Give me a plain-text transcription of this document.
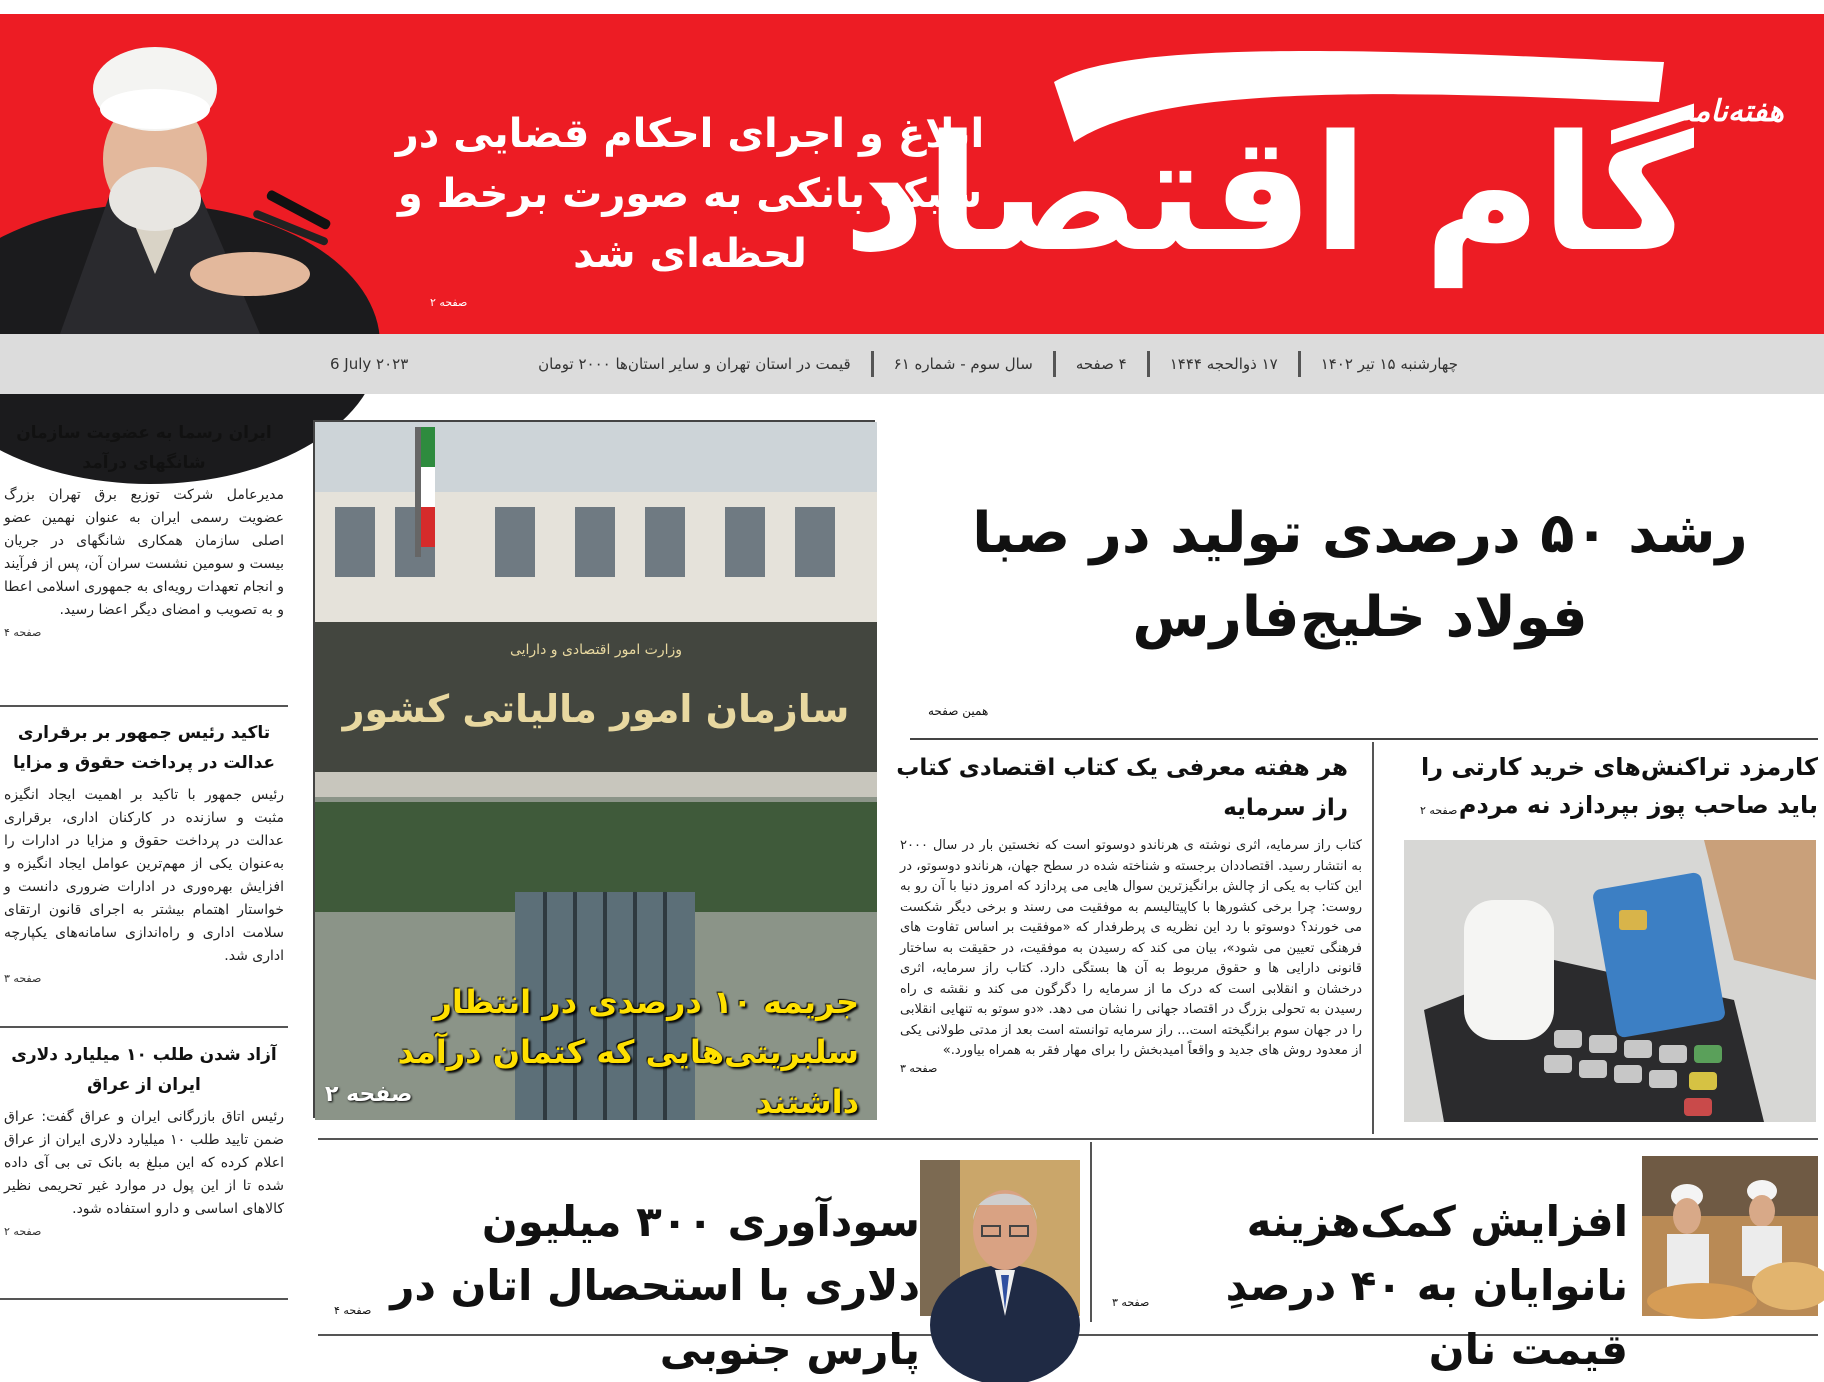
ابلاغ و اجرای احکام قضایی در شبکه بانکی به صورت برخط و لحظه‌ای شد
صفحه ۲
هفته‌نامه
گام اقتصاد
چهارشنبه ۱۵ تیر ۱۴۰۲
۱۷ ذوالحجه ۱۴۴۴
۴ صفحه
سال سوم - شماره ۶۱
قیمت در استان تهران و سایر استان‌ها ۲۰۰۰ تومان
6 July ۲۰۲۳
ایران رسما به عضویت سازمان شانگهای درآمد
مدیرعامل شرکت توزیع برق تهران بزرگ عضویت رسمی ایران به عنوان نهمین عضو اصلی سازمان همکاری شانگهای در جریان بیست و سومین نشست سران آن، پس از فرآیند و انجام تعهدات رویه‌ای به جمهوری اسلامی اعطا و به تصویب و امضای دیگر اعضا رسید.
صفحه ۴
تاکید رئیس جمهور بر برقراری عدالت در پرداخت حقوق و مزایا
رئیس جمهور با تاکید بر اهمیت ایجاد انگیزه مثبت و سازنده در کارکنان اداری، برقراری عدالت در پرداخت حقوق و مزایا در ادارات را به‌عنوان یکی از مهم‌ترین عوامل ایجاد انگیزه و افزایش بهره‌وری در ادارات ضروری دانست و خواستار اهتمام بیشتر به اجرای قانون ارتقای سلامت اداری و راه‌اندازی سامانه‌های یکپارچه اداری شد.
صفحه ۳
آزاد شدن طلب ۱۰ میلیارد دلاری ایران از عراق
رئیس اتاق بازرگانی ایران و عراق گفت: عراق ضمن تایید طلب ۱۰ میلیارد دلاری ایران از عراق اعلام کرده که این مبلغ به بانک تی بی آی داده شده تا از این پول در موارد غیر تحریمی نظیر کالاهای اساسی و دارو استفاده شود.
صفحه ۲
وزارت امور اقتصادی و دارایی
سازمان امور مالیاتی کشور
جریمه ۱۰ درصدی در انتظار سلبریتی‌هایی که کتمان درآمد داشتند
صفحه ۲
رشد ۵۰ درصدی تولید در صبا فولاد خلیج‌فارس
همین صفحه
هر هفته معرفی یک کتاب اقتصادی کتاب راز سرمایه
کتاب راز سرمایه، اثری نوشته ی هرناندو دوسوتو است که نخستین بار در سال ۲۰۰۰ به انتشار رسید. اقتصاددان برجسته و شناخته شده در سطح جهان، هرناندو دوسوتو، در این کتاب به یکی از چالش برانگیزترین سوال هایی می پردازد که امروز دنیا با آن رو به روست: چرا برخی کشورها با کاپیتالیسم به موفقیت می رسند و برخی دیگر شکست می خورند؟ دوسوتو با رد این نظریه ی پرطرفدار که «موفقیت بر اساس تفاوت های فرهنگی تعیین می شود»، بیان می کند که رسیدن به موفقیت، در حقیقت به ساختار قانونی دارایی ها و حقوق مربوط به آن ها بستگی دارد. کتاب راز سرمایه، اثری درخشان و انقلابی است که درک ما از سرمایه را دگرگون می کند و نقشه ی راه رسیدن به تحولی بزرگ در اقتصاد جهانی را نشان می دهد. «دو سوتو به تنهایی انقلابی را در جهان سوم برانگیخته است... راز سرمایه توانسته است بعد از مدتی طولانی یکی از معدود روش های جدید و واقعاً امیدبخش را برای مهار فقر به همراه بیاورد.»
صفحه ۳
کارمزد تراکنش‌های خرید کارتی را باید صاحب پوز بپردازد نه مردم
صفحه ۲
سودآوری ۳۰۰ میلیون دلاری با استحصال اتان در پارس جنوبی
صفحه ۴
افزایش کمک‌هزینه نانوایان به ۴۰ درصدِ قیمت نان
صفحه ۳
